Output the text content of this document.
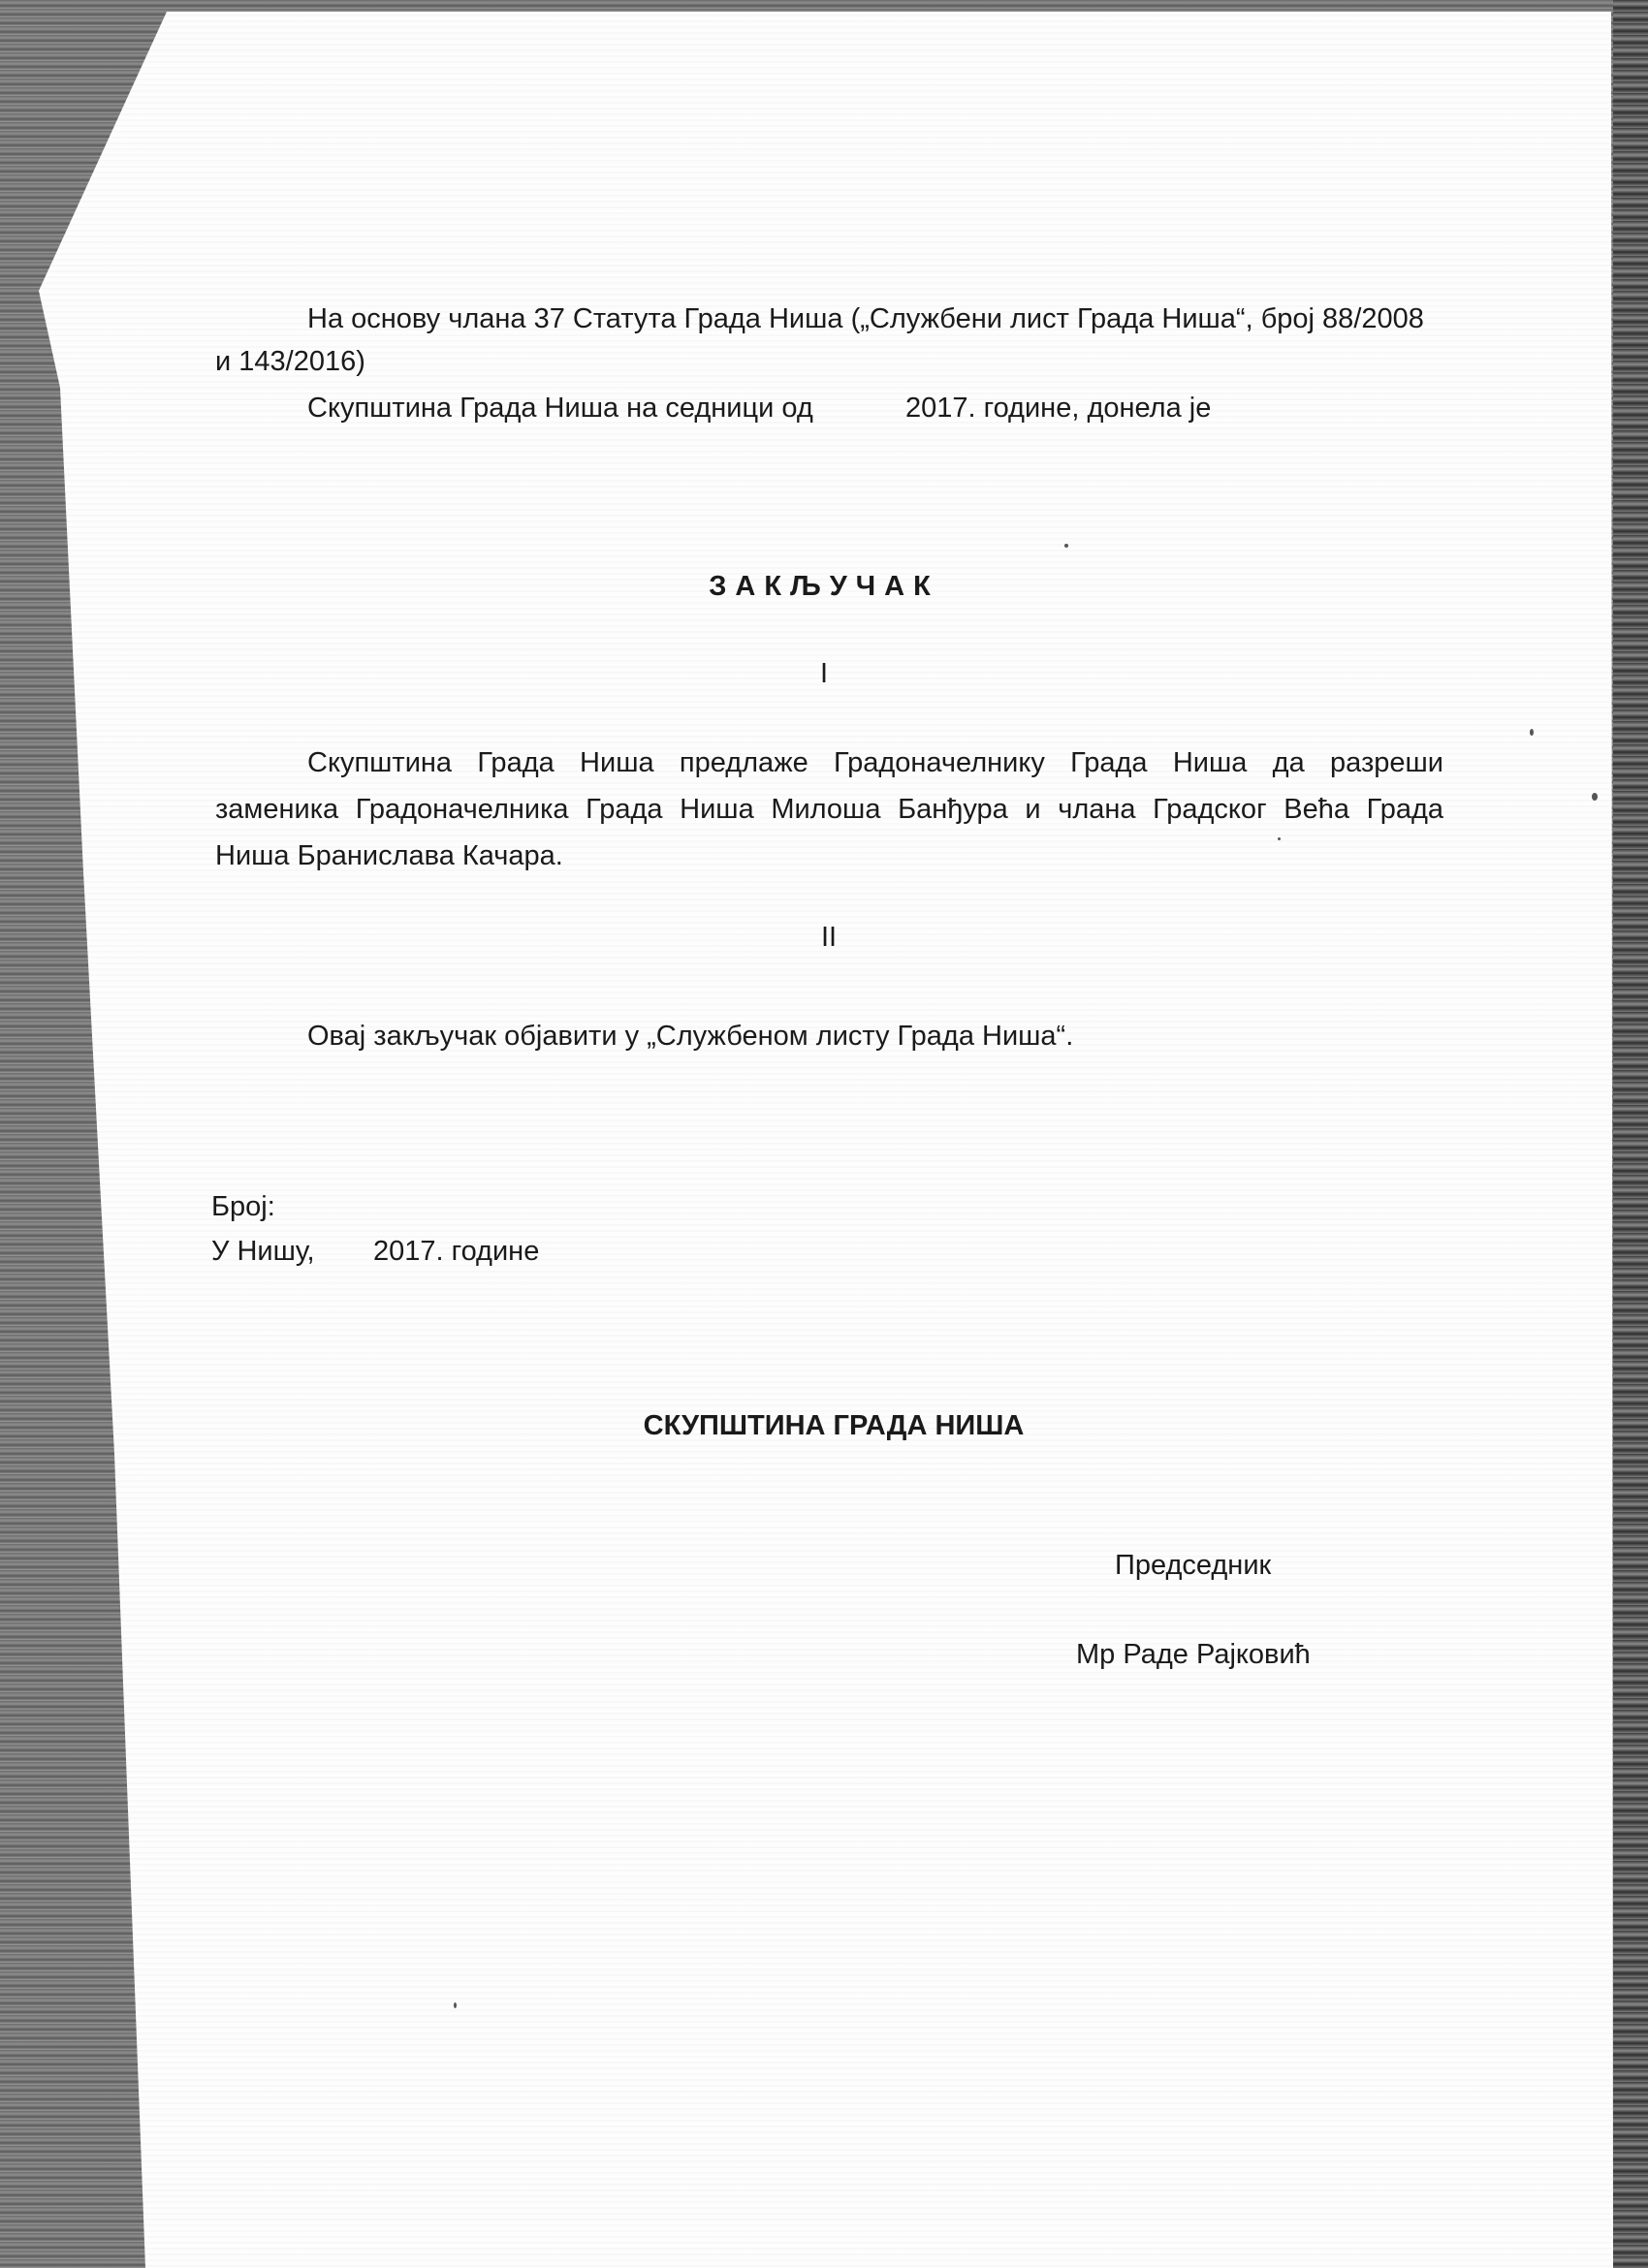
На основу члана 37 Статута Града Ниша („Службени лист Града Ниша“, број 88/2008
и 143/2016)
Скупштина Града Ниша на седници од	2017. године, донела је
ЗАКЉУЧАК
I
Скупштина Града Ниша предлаже Градоначелнику Града Ниша да разреши
заменика Градоначелника Града Ниша Милоша Банђура и члана Градског Већа Града
Ниша Бранислава Качара.
II
Овај закључак објавити у „Службеном листу Града Ниша“.
Број:
У Нишу, 2017. године
СКУПШТИНА ГРАДА НИША
Председник
Мр Раде Рајковић
